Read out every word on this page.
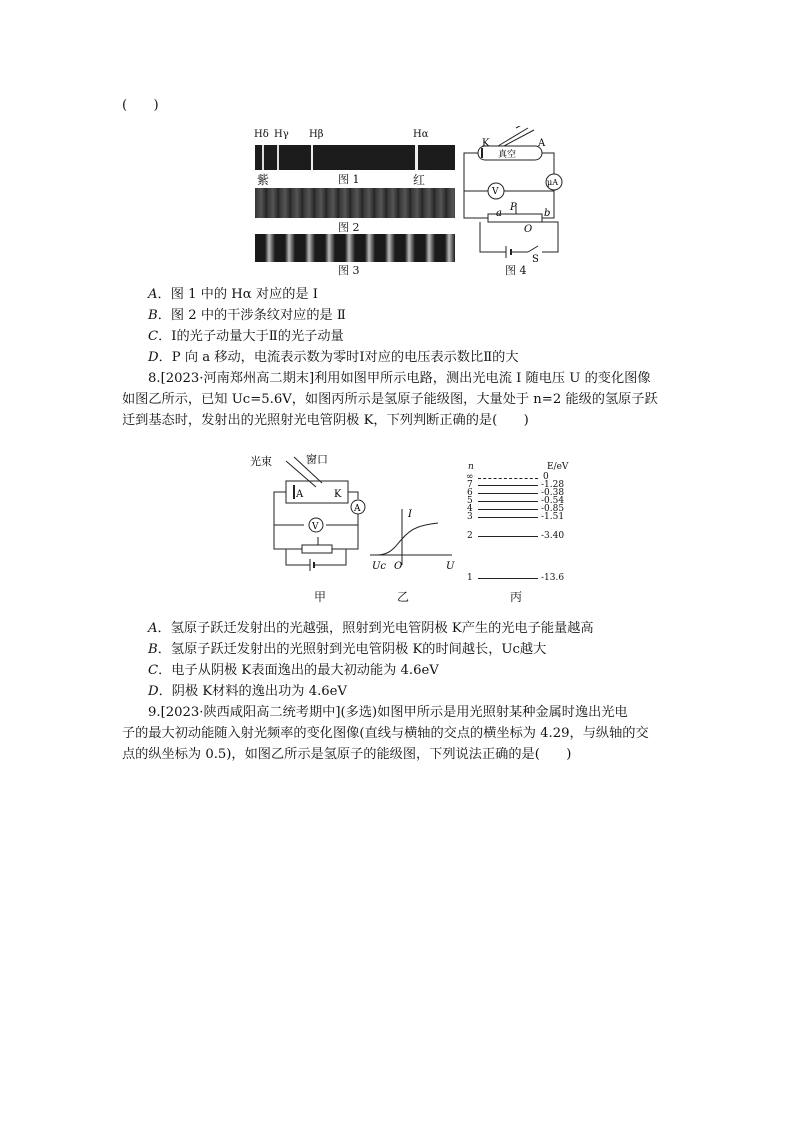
(　　)
Hδ Hγ Hβ	Hα
紫	图 1	红
图 2
图 3
K	A
真空
μA
V
P
a	b
O
S
图 4
A．图 1 中的 Hα 对应的是 Ⅰ
B．图 2 中的干涉条纹对应的是 Ⅱ
C．Ⅰ的光子动量大于Ⅱ的光子动量
D．P 向 a 移动，电流表示数为零时Ⅰ对应的电压表示数比Ⅱ的大
8.[2023·河南郑州高二期末]利用如图甲所示电路，测出光电流 I 随电压 U 的变化图像
如图乙所示，已知 Uc=5.6V，如图丙所示是氢原子能级图，大量处于 n=2 能级的氢原子跃
迁到基态时，发射出的光照射光电管阴极 K，下列判断正确的是(　　)
光束	窗口
A	K
V
A	I
U
Uc O
n	E/eV
∞	0
7	-1.28
6	-0.38
5	-0.54
4	-0.85
3	-1.51
2	-3.40
1	-13.6
甲	乙	丙
A．氢原子跃迁发射出的光越强，照射到光电管阴极 K产生的光电子能量越高
B．氢原子跃迁发射出的光照射到光电管阴极 K的时间越长，Uc越大
C．电子从阴极 K表面逸出的最大初动能为 4.6eV
D．阴极 K材料的逸出功为 4.6eV
9.[2023·陕西咸阳高二统考期中](多选)如图甲所示是用光照射某种金属时逸出光电
子的最大初动能随入射光频率的变化图像(直线与横轴的交点的横坐标为 4.29，与纵轴的交
点的纵坐标为 0.5)，如图乙所示是氢原子的能级图，下列说法正确的是(　　)
